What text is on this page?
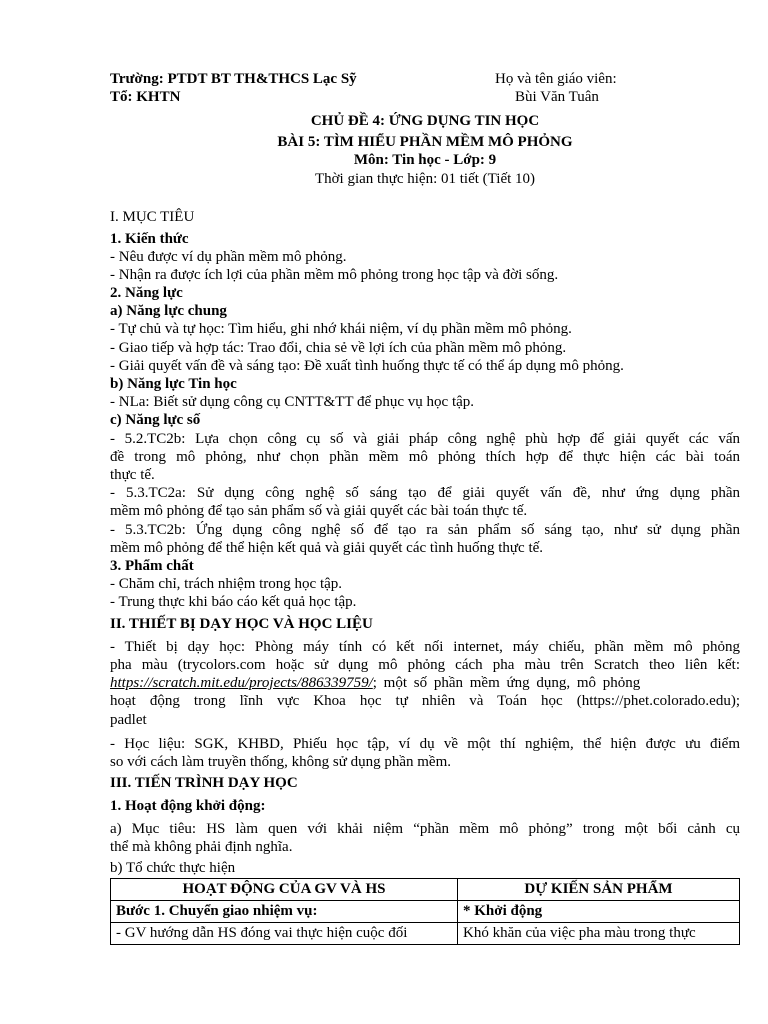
Trường: PTDT BT TH&THCS Lạc Sỹ	Họ và tên giáo viên:
Tổ: KHTN	Bùi Văn Tuân
CHỦ ĐỀ 4: ỨNG DỤNG TIN HỌC
BÀI 5: TÌM HIỂU PHẦN MỀM MÔ PHỎNG
Môn: Tin học - Lớp: 9
Thời gian thực hiện: 01 tiết (Tiết 10)
I. MỤC TIÊU
1. Kiến thức
- Nêu được ví dụ phần mềm mô phỏng.
- Nhận ra được ích lợi của phần mềm mô phỏng trong học tập và đời sống.
2. Năng lực
a) Năng lực chung
- Tự chủ và tự học: Tìm hiểu, ghi nhớ khái niệm, ví dụ phần mềm mô phỏng.
- Giao tiếp và hợp tác: Trao đổi, chia sẻ về lợi ích của phần mềm mô phỏng.
- Giải quyết vấn đề và sáng tạo: Đề xuất tình huống thực tế có thể áp dụng mô phỏng.
b) Năng lực Tin học
- NLa: Biết sử dụng công cụ CNTT&TT để phục vụ học tập.
c) Năng lực số
- 5.2.TC2b: Lựa chọn công cụ số và giải pháp công nghệ phù hợp để giải quyết các vấn
đề trong mô phỏng, như chọn phần mềm mô phỏng thích hợp để thực hiện các bài toán
thực tế.
- 5.3.TC2a: Sử dụng công nghệ số sáng tạo để giải quyết vấn đề, như ứng dụng phần
mềm mô phỏng để tạo sản phẩm số và giải quyết các bài toán thực tế.
- 5.3.TC2b: Ứng dụng công nghệ số để tạo ra sản phẩm số sáng tạo, như sử dụng phần
mềm mô phỏng để thể hiện kết quả và giải quyết các tình huống thực tế.
3. Phẩm chất
- Chăm chỉ, trách nhiệm trong học tập.
- Trung thực khi báo cáo kết quả học tập.
II. THIẾT BỊ DẠY HỌC VÀ HỌC LIỆU
- Thiết bị dạy học: Phòng máy tính có kết nối internet, máy chiếu, phần mềm mô phỏng
pha màu (trycolors.com hoặc sử dụng mô phỏng cách pha màu trên Scratch theo liên kết:
https://scratch.mit.edu/projects/886339759/; một số phần mềm ứng dụng, mô phỏng
hoạt động trong lĩnh vực Khoa học tự nhiên và Toán học (https://phet.colorado.edu);
padlet
- Học liệu: SGK, KHBD, Phiếu học tập, ví dụ về một thí nghiệm, thể hiện được ưu điểm
so với cách làm truyền thống, không sử dụng phần mềm.
III. TIẾN TRÌNH DẠY HỌC
1. Hoạt động khởi động:
a) Mục tiêu: HS làm quen với khải niệm “phần mềm mô phỏng” trong một bối cảnh cụ
thể mà không phải định nghĩa.
b) Tổ chức thực hiện
HOẠT ĐỘNG CỦA GV VÀ HS	DỰ KIẾN SẢN PHẨM
Bước 1. Chuyển giao nhiệm vụ:	* Khởi động
- GV hướng dẫn HS đóng vai thực hiện cuộc đối	Khó khăn của việc pha màu trong thực
